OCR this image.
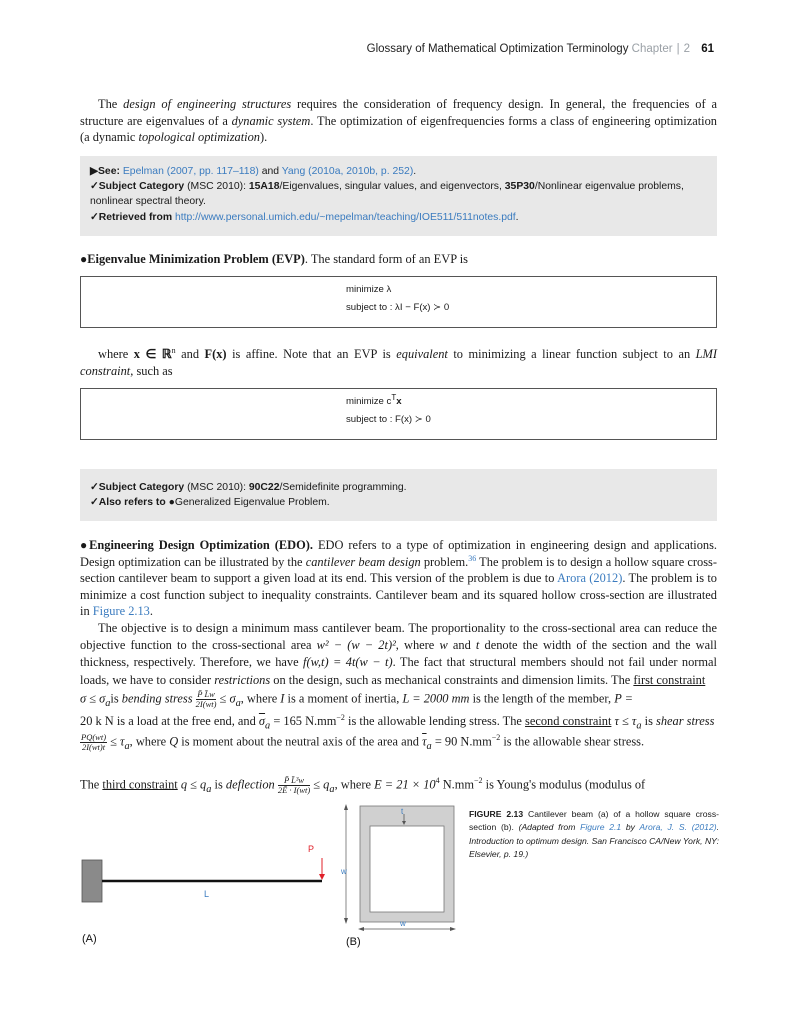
Glossary of Mathematical Optimization Terminology Chapter | 2 61
The design of engineering structures requires the consideration of frequency design. In general, the frequencies of a structure are eigenvalues of a dynamic system. The optimization of eigenfrequencies forms a class of engineering optimization (a dynamic topological optimization).
▶See: Epelman (2007, pp. 117–118) and Yang (2010a, 2010b, p. 252).
✓Subject Category (MSC 2010): 15A18/Eigenvalues, singular values, and eigenvectors, 35P30/Nonlinear eigenvalue problems, nonlinear spectral theory.
✓Retrieved from http://www.personal.umich.edu/~mepelman/teaching/IOE511/511notes.pdf.
●Eigenvalue Minimization Problem (EVP). The standard form of an EVP is
minimize λ
subject to : λI − F(x) ≻ 0
where x ∈ ℝ$^n$ and F(x) is affine. Note that an EVP is equivalent to minimizing a linear function subject to an LMI constraint, such as
minimize $c^Tx$
subject to : F(x) ≻ 0
✓Subject Category (MSC 2010): 90C22/Semidefinite programming.
✓Also refers to ●Generalized Eigenvalue Problem.
●Engineering Design Optimization (EDO). EDO refers to a type of optimization in engineering design and applications. Design optimization can be illustrated by the cantilever beam design problem.$^{36}$ The problem is to design a hollow square cross-section cantilever beam to support a given load at its end. This version of the problem is due to Arora (2012). The problem is to minimize a cost function subject to inequality constraints. Cantilever beam and its squared hollow cross-section are illustrated in Figure 2.13.
The objective is to design a minimum mass cantilever beam. The proportionality to the cross-sectional area can reduce the objective function to the cross-sectional area w² − (w − 2t)², where w and t denote the width of the section and the wall thickness, respectively. Therefore, we have f(w,t) = 4t(w − t). The fact that structural members should not fail under normal loads, we have to consider restrictions on the design, such as mechanical constraints and dimension limits. The first constraint
$\sigma \le \sigma_ais$ bending stress $\frac{P̄ L̄w}{2I(wt)} \le \sigma_a$, where I is a moment of inertia, L = 2000 mm is the length of the member, P =
20 k N is a load at the free end, and $\overline{\sigma}_a = 165$ $N.mm^{-2}$ is the allowable lending stress. The second constraint $\tau \le \tau_a$ is shear stress
$\frac{PQ(wt)}{2I(wt)t} \le \tau_a$, where Q is moment about the neutral axis of the area and $\overline{\tau}_a = 90$ $N.mm^{-2}$ is the allowable shear stress.
The third constraint $q \le q_a$ is deflection $\frac{\text{P̄ L̄³w}}{2Ē \cdot I(wt)} \le q_a$, where $E = 21 \times 10^4$ $N.mm^{-2}$ is Young's modulus (modulus of
FIGURE 2.13 Cantilever beam (a) of a hollow square cross-section (b). (Adapted from Figure 2.1 by Arora, J. S. (2012). Introduction to optimum design. San Francisco CA/New York, NY: Elsevier, p. 19.)
P
L
(A)
t
w
w
(B)
